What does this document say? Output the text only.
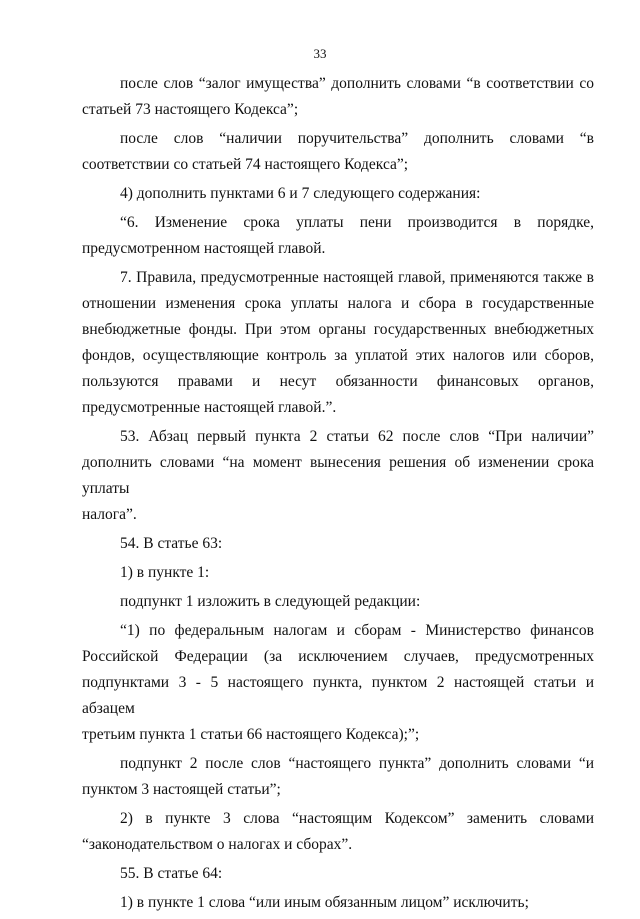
33
после слов “залог имущества” дополнить словами “в соответствии со
статьей 73 настоящего Кодекса”;
после слов “наличии поручительства” дополнить словами “в
соответствии со статьей 74 настоящего Кодекса”;
4) дополнить пунктами 6 и 7 следующего содержания:
“6. Изменение срока уплаты пени производится в порядке,
предусмотренном настоящей главой.
7. Правила, предусмотренные настоящей главой, применяются также в
отношении изменения срока уплаты налога и сбора в государственные
внебюджетные фонды. При этом органы государственных внебюджетных
фондов, осуществляющие контроль за уплатой этих налогов или сборов,
пользуются правами и несут обязанности финансовых органов,
предусмотренные настоящей главой.”.
53. Абзац первый пункта 2 статьи 62 после слов “При наличии”
дополнить словами “на момент вынесения решения об изменении срока уплаты
налога”.
54. В статье 63:
1) в пункте 1:
подпункт 1 изложить в следующей редакции:
“1) по федеральным налогам и сборам - Министерство финансов
Российской Федерации (за исключением случаев, предусмотренных
подпунктами 3 - 5 настоящего пункта, пунктом 2 настоящей статьи и абзацем
третьим пункта 1 статьи 66 настоящего Кодекса);”;
подпункт 2 после слов “настоящего пункта” дополнить словами “и
пунктом 3 настоящей статьи”;
2) в пункте 3 слова “настоящим Кодексом” заменить словами
“законодательством о налогах и сборах”.
55. В статье 64:
1) в пункте 1 слова “или иным обязанным лицом” исключить;
